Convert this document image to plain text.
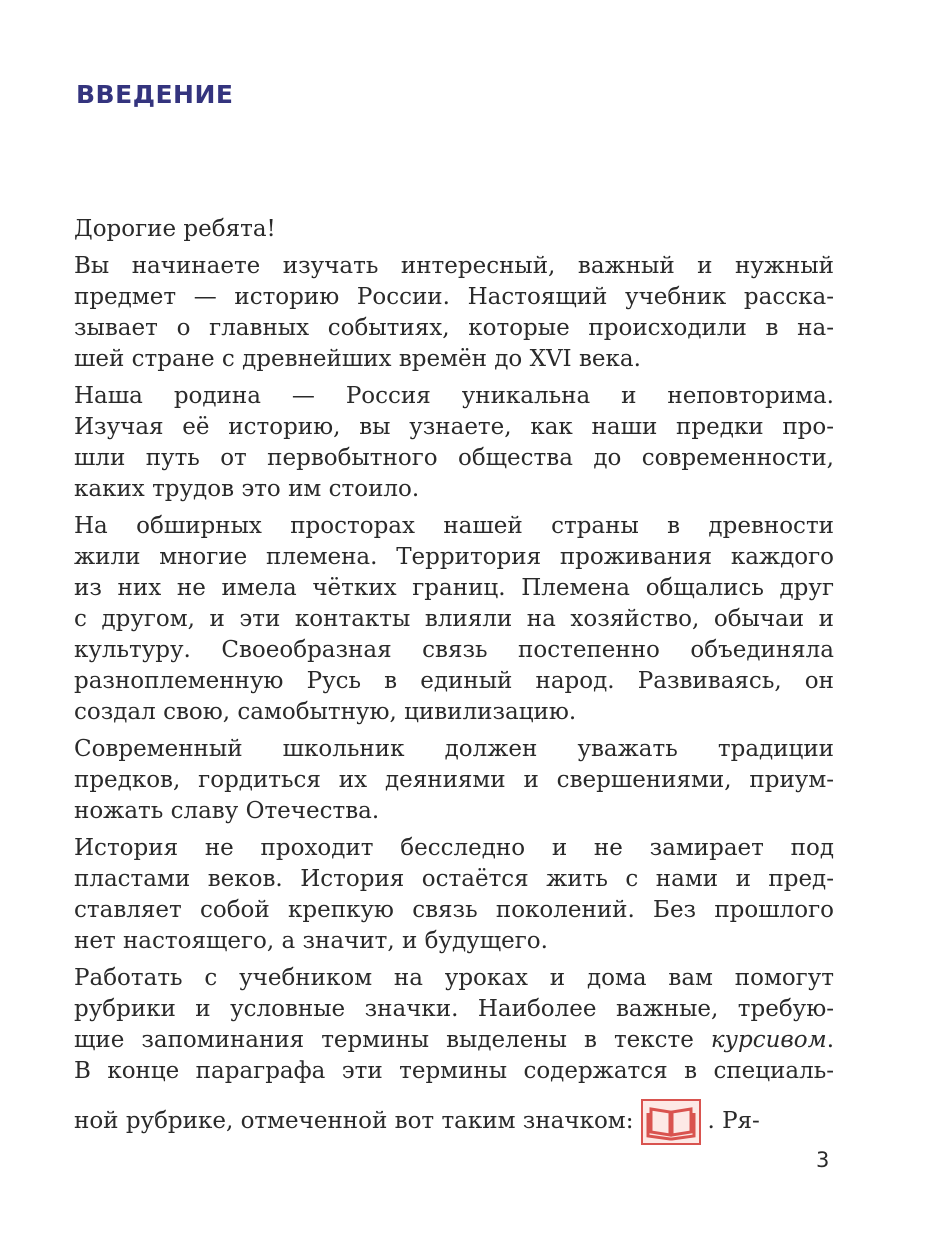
ВВЕДЕНИЕ

Дорогие ребята!

Вы начинаете изучать интересный, важный и нужный
предмет — историю России. Настоящий учебник расска-
зывает о главных событиях, которые происходили в на-
шей стране с древнейших времён до XVI века.

Наша родина — Россия уникальна и неповторима.
Изучая её историю, вы узнаете, как наши предки про-
шли путь от первобытного общества до современности,
каких трудов это им стоило.

На обширных просторах нашей страны в древности
жили многие племена. Территория проживания каждого
из них не имела чётких границ. Племена общались друг
с другом, и эти контакты влияли на хозяйство, обычаи и
культуру. Своеобразная связь постепенно объединяла
разноплеменную Русь в единый народ. Развиваясь, он
создал свою, самобытную, цивилизацию.

Современный школьник должен уважать традиции
предков, гордиться их деяниями и свершениями, приум-
ножать славу Отечества.

История не проходит бесследно и не замирает под
пластами веков. История остаётся жить с нами и пред-
ставляет собой крепкую связь поколений. Без прошлого
нет настоящего, а значит, и будущего.

Работать с учебником на уроках и дома вам помогут
рубрики и условные значки. Наиболее важные, требую-
щие запоминания термины выделены в тексте курсивом.
В конце параграфа эти термины содержатся в специаль-
ной рубрике, отмеченной вот таким значком:	. Ря-

3
